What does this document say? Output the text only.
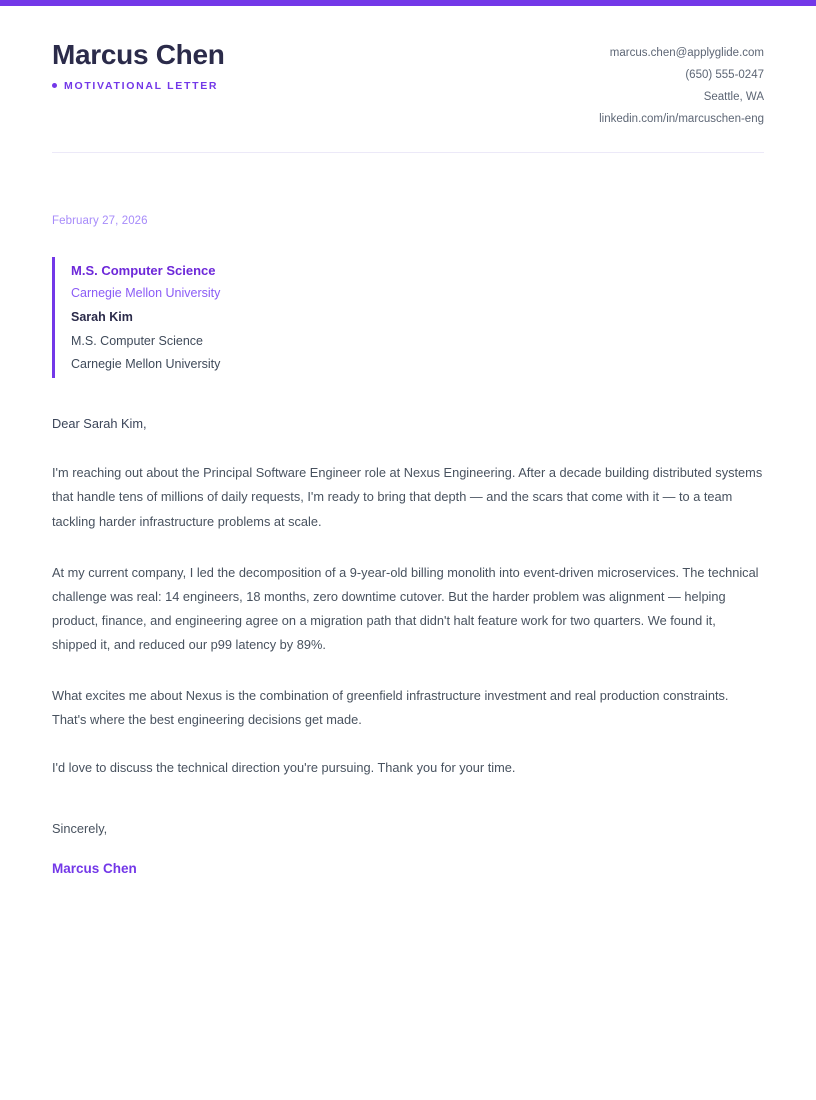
Marcus Chen
MOTIVATIONAL LETTER
marcus.chen@applyglide.com
(650) 555-0247
Seattle, WA
linkedin.com/in/marcuschen-eng
February 27, 2026
M.S. Computer Science
Carnegie Mellon University
Sarah Kim
M.S. Computer Science
Carnegie Mellon University
Dear Sarah Kim,
I'm reaching out about the Principal Software Engineer role at Nexus Engineering. After a decade building distributed systems that handle tens of millions of daily requests, I'm ready to bring that depth — and the scars that come with it — to a team tackling harder infrastructure problems at scale.
At my current company, I led the decomposition of a 9-year-old billing monolith into event-driven microservices. The technical challenge was real: 14 engineers, 18 months, zero downtime cutover. But the harder problem was alignment — helping product, finance, and engineering agree on a migration path that didn't halt feature work for two quarters. We found it, shipped it, and reduced our p99 latency by 89%.
What excites me about Nexus is the combination of greenfield infrastructure investment and real production constraints. That's where the best engineering decisions get made.
I'd love to discuss the technical direction you're pursuing. Thank you for your time.
Sincerely,
Marcus Chen
